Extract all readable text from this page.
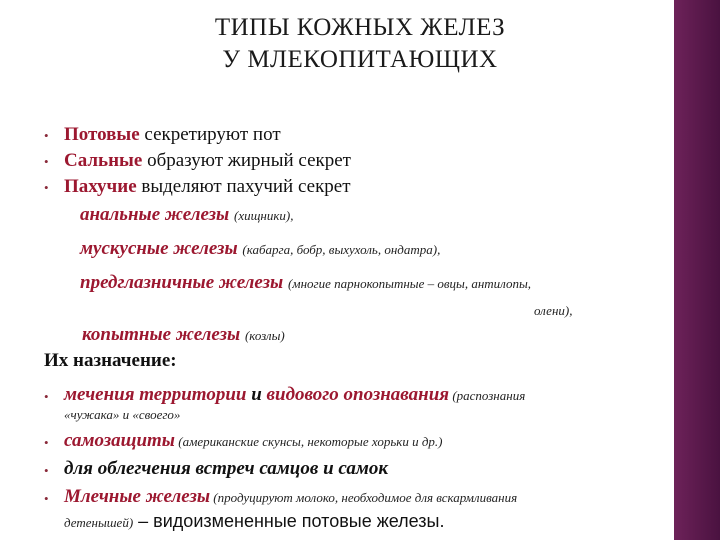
ТИПЫ КОЖНЫХ ЖЕЛЕЗ
У МЛЕКОПИТАЮЩИХ
• Потовые секретируют пот
• Сальные образуют жирный секрет
• Пахучие выделяют пахучий секрет
анальные железы (хищники),
мускусные железы (кабарга, бобр, выхухоль, ондатра),
предглазничные железы (многие парнокопытные – овцы, антилопы,
олени),
копытные железы (козлы)
Их назначение:
• мечения территории и видового опознавания (распознания
«чужака» и «своего»
• самозащиты (американские скунсы, некоторые хорьки и др.)
• для облегчения встреч самцов и самок
• Млечные железы (продуцируют молоко, необходимое для вскармливания
детенышей) – видоизмененные потовые железы.
